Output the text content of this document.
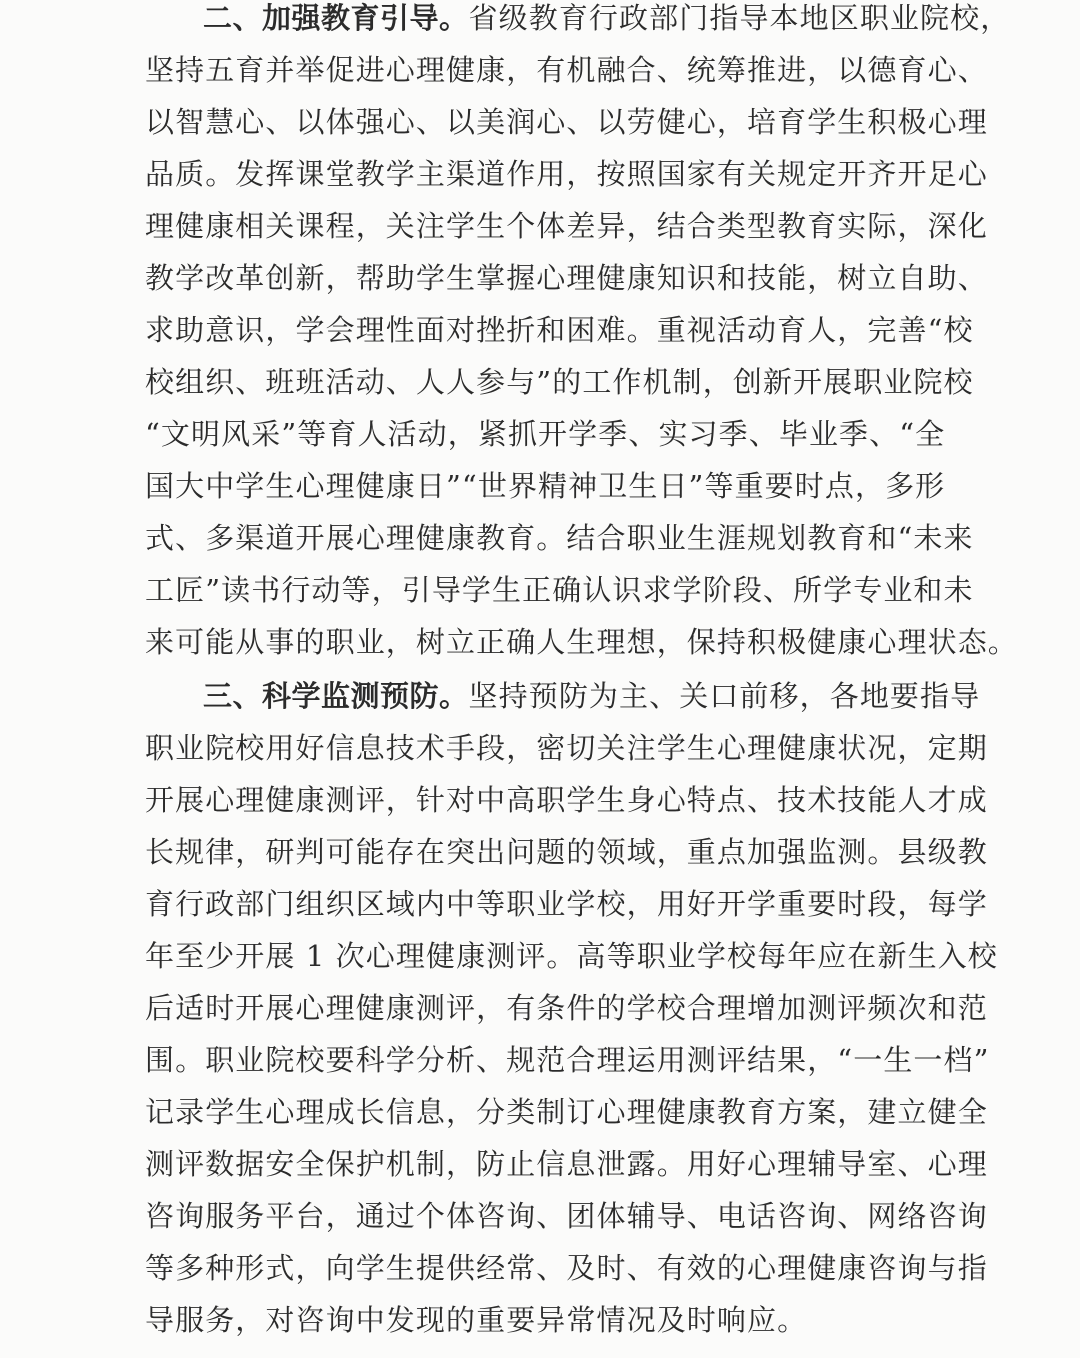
二、加强教育引导。省级教育行政部门指导本地区职业院校，
坚持五育并举促进心理健康，有机融合、统筹推进，以德育心、
以智慧心、以体强心、以美润心、以劳健心，培育学生积极心理
品质。发挥课堂教学主渠道作用，按照国家有关规定开齐开足心
理健康相关课程，关注学生个体差异，结合类型教育实际，深化
教学改革创新，帮助学生掌握心理健康知识和技能，树立自助、
求助意识，学会理性面对挫折和困难。重视活动育人，完善“校
校组织、班班活动、人人参与”的工作机制，创新开展职业院校
“文明风采”等育人活动，紧抓开学季、实习季、毕业季、“全
国大中学生心理健康日”“世界精神卫生日”等重要时点，多形
式、多渠道开展心理健康教育。结合职业生涯规划教育和“未来
工匠”读书行动等，引导学生正确认识求学阶段、所学专业和未
来可能从事的职业，树立正确人生理想，保持积极健康心理状态。
三、科学监测预防。坚持预防为主、关口前移，各地要指导
职业院校用好信息技术手段，密切关注学生心理健康状况，定期
开展心理健康测评，针对中高职学生身心特点、技术技能人才成
长规律，研判可能存在突出问题的领域，重点加强监测。县级教
育行政部门组织区域内中等职业学校，用好开学重要时段，每学
年至少开展 1 次心理健康测评。高等职业学校每年应在新生入校
后适时开展心理健康测评，有条件的学校合理增加测评频次和范
围。职业院校要科学分析、规范合理运用测评结果，“一生一档”
记录学生心理成长信息，分类制订心理健康教育方案，建立健全
测评数据安全保护机制，防止信息泄露。用好心理辅导室、心理
咨询服务平台，通过个体咨询、团体辅导、电话咨询、网络咨询
等多种形式，向学生提供经常、及时、有效的心理健康咨询与指
导服务，对咨询中发现的重要异常情况及时响应。
